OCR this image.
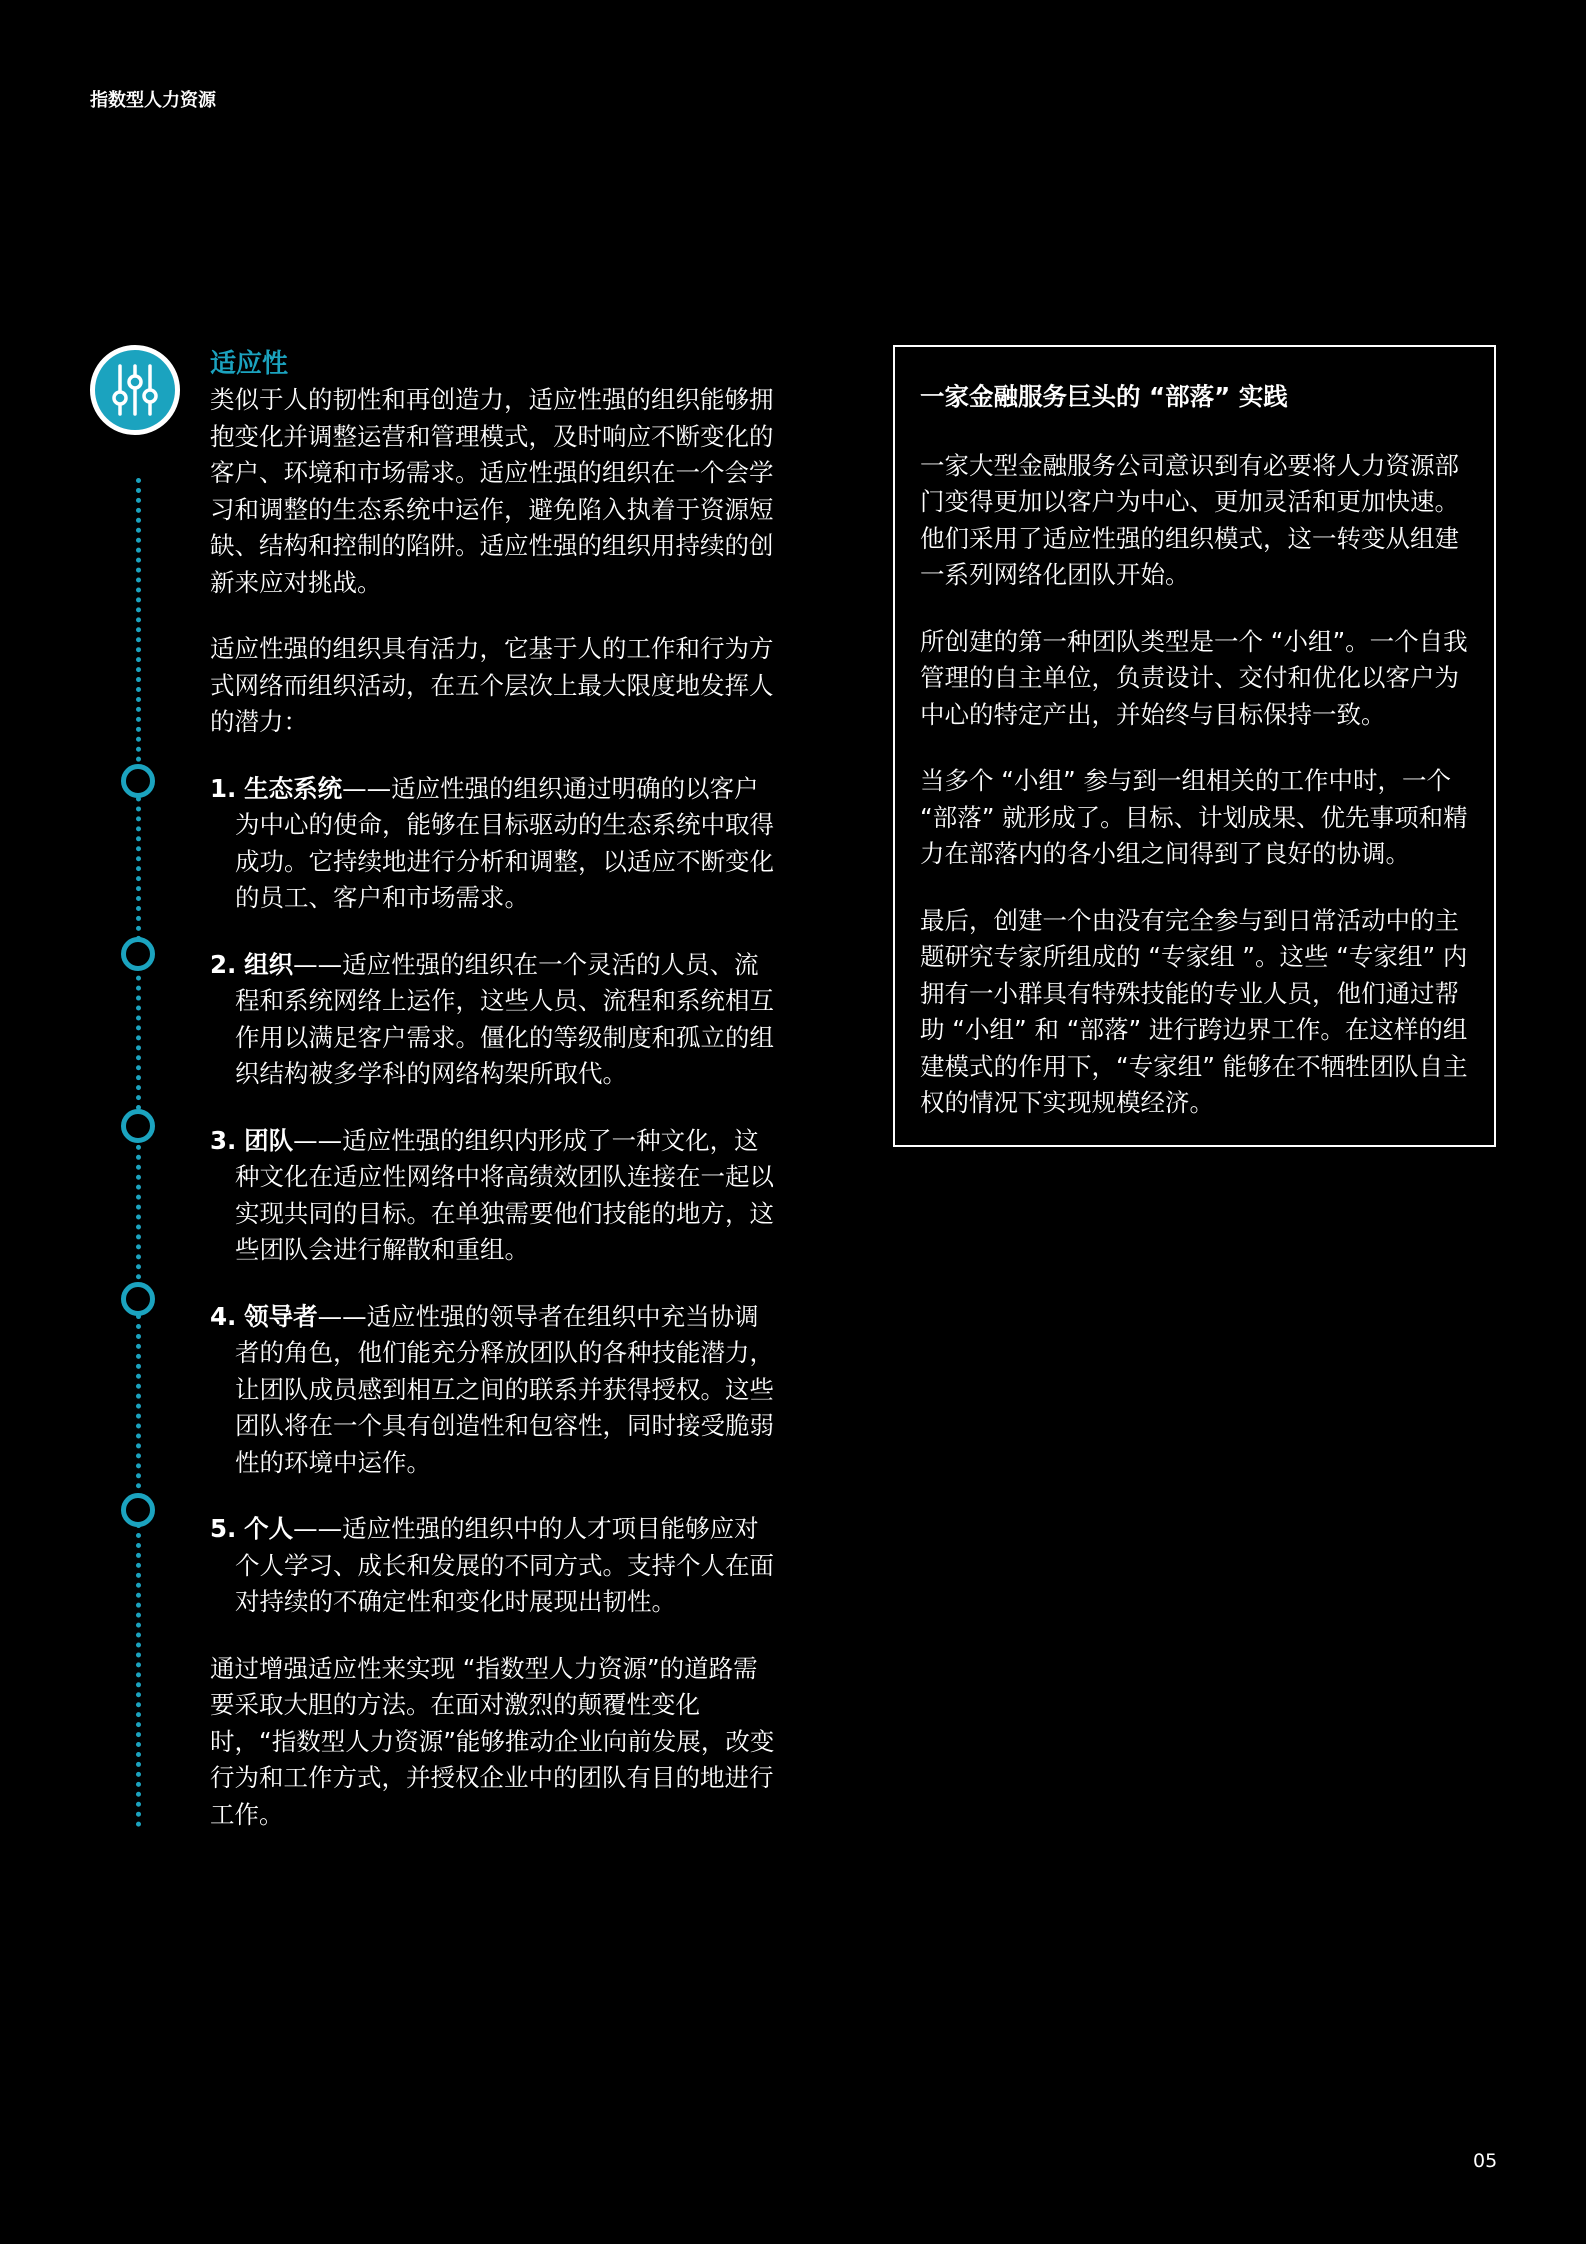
指数型人力资源
适应性

类似于人的韧性和再创造力，适应性强的组织能够拥抱变化并调整运营和管理模式，及时响应不断变化的客户、环境和市场需求。适应性强的组织在一个会学习和调整的生态系统中运作，避免陷入执着于资源短缺、结构和控制的陷阱。适应性强的组织用持续的创新来应对挑战。

适应性强的组织具有活力，它基于人的工作和行为方式网络而组织活动，在五个层次上最大限度地发挥人的潜力：

1. 生态系统——适应性强的组织通过明确的以客户为中心的使命，能够在目标驱动的生态系统中取得成功。它持续地进行分析和调整，以适应不断变化的员工、客户和市场需求。
2. 组织——适应性强的组织在一个灵活的人员、流程和系统网络上运作，这些人员、流程和系统相互作用以满足客户需求。僵化的等级制度和孤立的组织结构被多学科的网络构架所取代。
3. 团队——适应性强的组织内形成了一种文化，这种文化在适应性网络中将高绩效团队连接在一起以实现共同的目标。在单独需要他们技能的地方，这些团队会进行解散和重组。
4. 领导者——适应性强的领导者在组织中充当协调者的角色，他们能充分释放团队的各种技能潜力，让团队成员感到相互之间的联系并获得授权。这些团队将在一个具有创造性和包容性，同时接受脆弱性的环境中运作。
5. 个人——适应性强的组织中的人才项目能够应对个人学习、成长和发展的不同方式。支持个人在面对持续的不确定性和变化时展现出韧性。

通过增强适应性来实现 “指数型人力资源”的道路需要采取大胆的方法。在面对激烈的颠覆性变化时，“指数型人力资源”能够推动企业向前发展，改变行为和工作方式，并授权企业中的团队有目的地进行工作。

一家金融服务巨头的 “部落” 实践

一家大型金融服务公司意识到有必要将人力资源部门变得更加以客户为中心、更加灵活和更加快速。他们采用了适应性强的组织模式，这一转变从组建一系列网络化团队开始。

所创建的第一种团队类型是一个 “小组”。一个自我管理的自主单位，负责设计、交付和优化以客户为中心的特定产出，并始终与目标保持一致。

当多个 “小组” 参与到一组相关的工作中时，一个 “部落” 就形成了。目标、计划成果、优先事项和精力在部落内的各小组之间得到了良好的协调。

最后，创建一个由没有完全参与到日常活动中的主题研究专家所组成的 “专家组 ”。这些 “专家组” 内拥有一小群具有特殊技能的专业人员，他们通过帮助 “小组” 和 “部落” 进行跨边界工作。在这样的组建模式的作用下，“专家组” 能够在不牺牲团队自主权的情况下实现规模经济。

05
